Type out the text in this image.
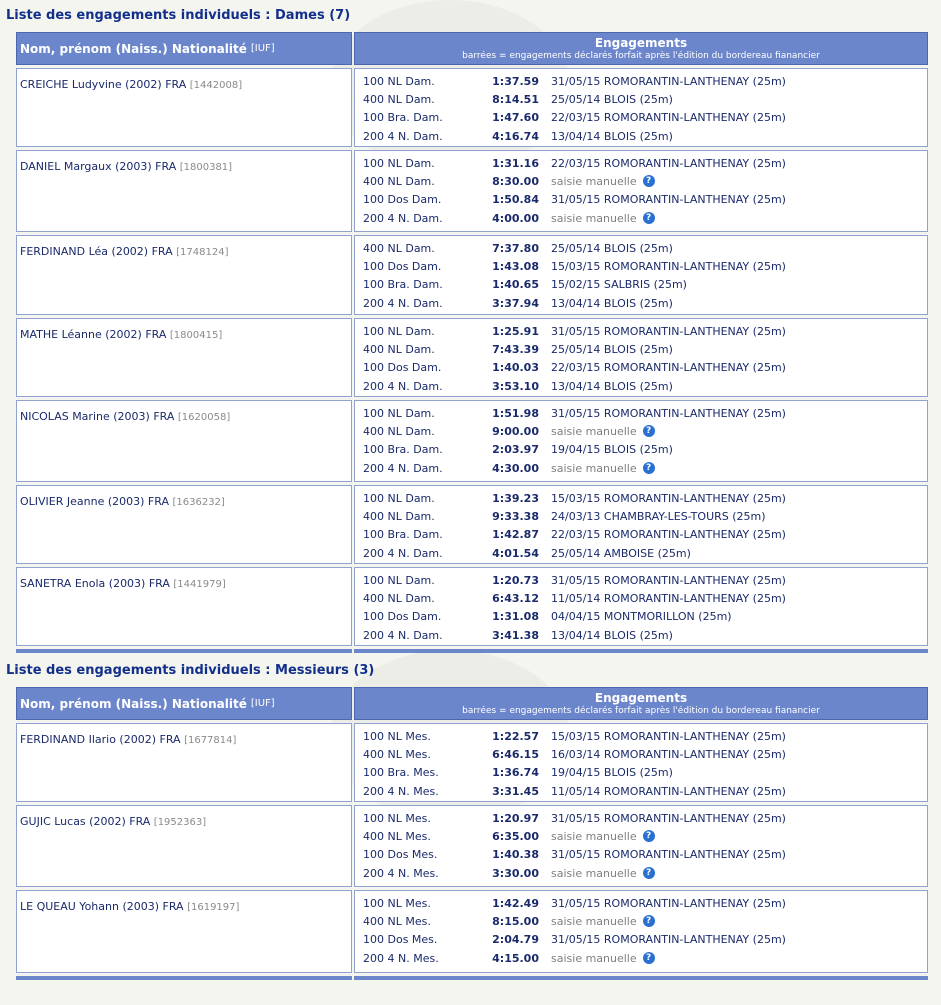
Liste des engagements individuels : Dames (7)
Nom, prénom (Naiss.) Nationalité [IUF]	Engagements
barrées = engagements déclarés forfait après l'édition du bordereau fianancier
CREICHE Ludyvine (2002) FRA [1442008]	100 NL Dam.	1:37.59 31/05/15 ROMORANTIN-LANTHENAY (25m)
400 NL Dam.	8:14.51 25/05/14 BLOIS (25m)
100 Bra. Dam.	1:47.60 22/03/15 ROMORANTIN-LANTHENAY (25m)
200 4 N. Dam.	4:16.74 13/04/14 BLOIS (25m)
DANIEL Margaux (2003) FRA [1800381]	100 NL Dam.	1:31.16 22/03/15 ROMORANTIN-LANTHENAY (25m)
400 NL Dam.	8:30.00 saisie manuelle	?
100 Dos Dam.	1:50.84 31/05/15 ROMORANTIN-LANTHENAY (25m)
200 4 N. Dam.	4:00.00 saisie manuelle	?
FERDINAND Léa (2002) FRA [1748124]	400 NL Dam.	7:37.80 25/05/14 BLOIS (25m)
100 Dos Dam.	1:43.08 15/03/15 ROMORANTIN-LANTHENAY (25m)
100 Bra. Dam.	1:40.65 15/02/15 SALBRIS (25m)
200 4 N. Dam.	3:37.94 13/04/14 BLOIS (25m)
MATHE Léanne (2002) FRA [1800415]	100 NL Dam.	1:25.91 31/05/15 ROMORANTIN-LANTHENAY (25m)
400 NL Dam.	7:43.39 25/05/14 BLOIS (25m)
100 Dos Dam.	1:40.03 22/03/15 ROMORANTIN-LANTHENAY (25m)
200 4 N. Dam.	3:53.10 13/04/14 BLOIS (25m)
NICOLAS Marine (2003) FRA [1620058]	100 NL Dam.	1:51.98 31/05/15 ROMORANTIN-LANTHENAY (25m)
400 NL Dam.	9:00.00 saisie manuelle	?
100 Bra. Dam.	2:03.97 19/04/15 BLOIS (25m)
200 4 N. Dam.	4:30.00 saisie manuelle	?
OLIVIER Jeanne (2003) FRA [1636232]	100 NL Dam.	1:39.23 15/03/15 ROMORANTIN-LANTHENAY (25m)
400 NL Dam.	9:33.38 24/03/13 CHAMBRAY-LES-TOURS (25m)
100 Bra. Dam.	1:42.87 22/03/15 ROMORANTIN-LANTHENAY (25m)
200 4 N. Dam.	4:01.54 25/05/14 AMBOISE (25m)
SANETRA Enola (2003) FRA [1441979]	100 NL Dam.	1:20.73 31/05/15 ROMORANTIN-LANTHENAY (25m)
400 NL Dam.	6:43.12 11/05/14 ROMORANTIN-LANTHENAY (25m)
100 Dos Dam.	1:31.08 04/04/15 MONTMORILLON (25m)
200 4 N. Dam.	3:41.38 13/04/14 BLOIS (25m)
Liste des engagements individuels : Messieurs (3)
Nom, prénom (Naiss.) Nationalité [IUF]	Engagements
barrées = engagements déclarés forfait après l'édition du bordereau fianancier
FERDINAND Ilario (2002) FRA [1677814]	100 NL Mes.	1:22.57 15/03/15 ROMORANTIN-LANTHENAY (25m)
400 NL Mes.	6:46.15 16/03/14 ROMORANTIN-LANTHENAY (25m)
100 Bra. Mes.	1:36.74 19/04/15 BLOIS (25m)
200 4 N. Mes.	3:31.45 11/05/14 ROMORANTIN-LANTHENAY (25m)
GUJIC Lucas (2002) FRA [1952363]	100 NL Mes.	1:20.97 31/05/15 ROMORANTIN-LANTHENAY (25m)
400 NL Mes.	6:35.00 saisie manuelle	?
100 Dos Mes.	1:40.38 31/05/15 ROMORANTIN-LANTHENAY (25m)
200 4 N. Mes.	3:30.00 saisie manuelle	?
LE QUEAU Yohann (2003) FRA [1619197]	100 NL Mes.	1:42.49 31/05/15 ROMORANTIN-LANTHENAY (25m)
400 NL Mes.	8:15.00 saisie manuelle	?
100 Dos Mes.	2:04.79 31/05/15 ROMORANTIN-LANTHENAY (25m)
200 4 N. Mes.	4:15.00 saisie manuelle	?
